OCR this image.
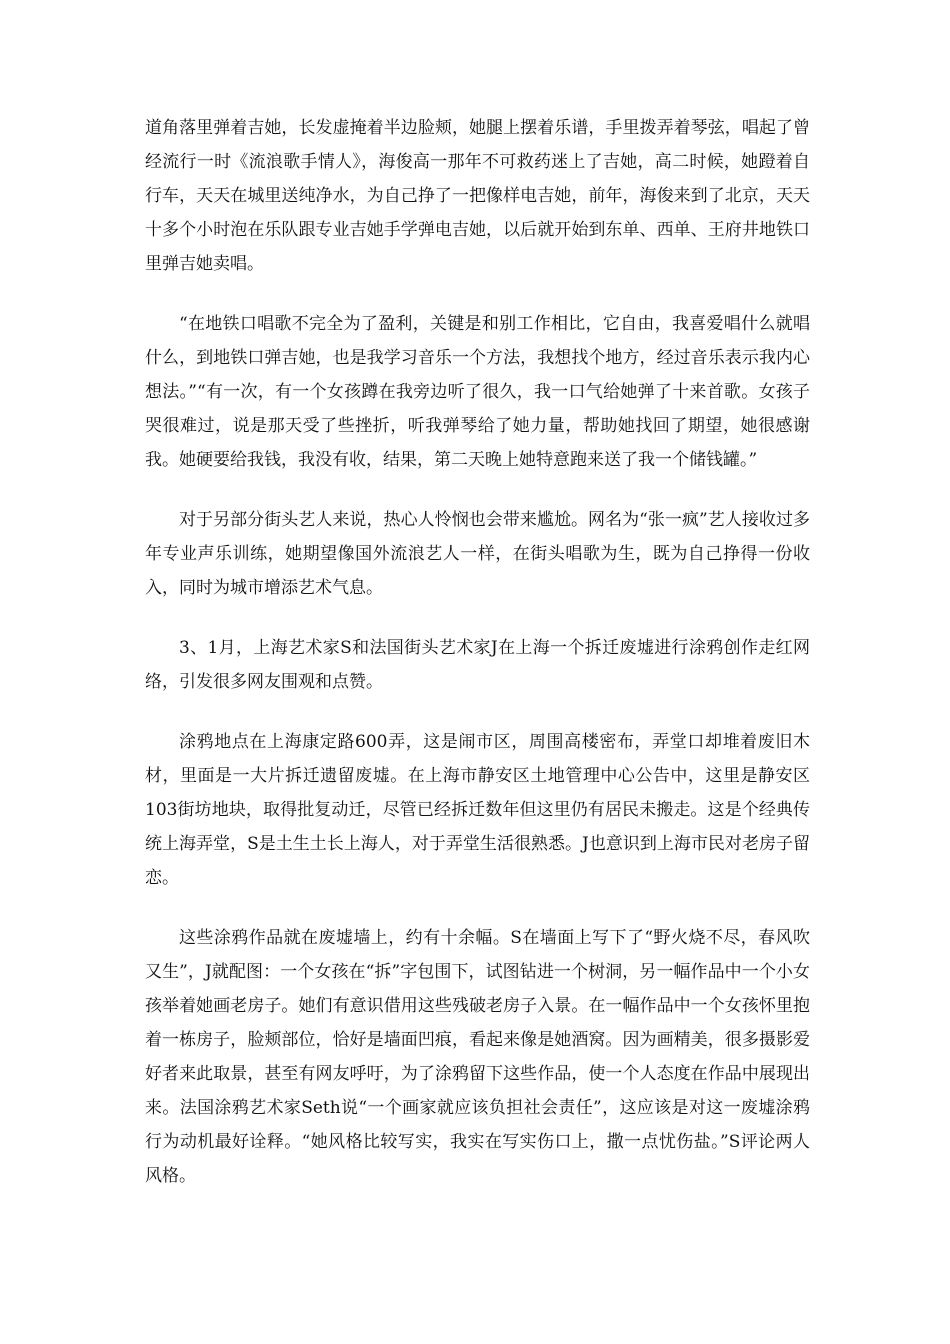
道角落里弹着吉她，长发虚掩着半边脸颊，她腿上摆着乐谱，手里拨弄着琴弦，唱起了曾经流行一时《流浪歌手情人》，海俊高一那年不可救药迷上了吉她，高二时候，她蹬着自行车，天天在城里送纯净水，为自己挣了一把像样电吉她，前年，海俊来到了北京，天天十多个小时泡在乐队跟专业吉她手学弹电吉她，以后就开始到东单、西单、王府井地铁口里弹吉她卖唱。

“在地铁口唱歌不完全为了盈利，关键是和别工作相比，它自由，我喜爱唱什么就唱什么，到地铁口弹吉她，也是我学习音乐一个方法，我想找个地方，经过音乐表示我内心想法。”“有一次，有一个女孩蹲在我旁边听了很久，我一口气给她弹了十来首歌。女孩子哭很难过，说是那天受了些挫折，听我弹琴给了她力量，帮助她找回了期望，她很感谢我。她硬要给我钱，我没有收，结果，第二天晚上她特意跑来送了我一个储钱罐。”

对于另部分街头艺人来说，热心人怜悯也会带来尴尬。网名为“张一疯”艺人接收过多年专业声乐训练，她期望像国外流浪艺人一样，在街头唱歌为生，既为自己挣得一份收入，同时为城市增添艺术气息。

3、1月，上海艺术家S和法国街头艺术家J在上海一个拆迁废墟进行涂鸦创作走红网络，引发很多网友围观和点赞。

涂鸦地点在上海康定路600弄，这是闹市区，周围高楼密布，弄堂口却堆着废旧木材，里面是一大片拆迁遗留废墟。在上海市静安区土地管理中心公告中，这里是静安区103街坊地块，取得批复动迁，尽管已经拆迁数年但这里仍有居民未搬走。这是个经典传统上海弄堂，S是土生土长上海人，对于弄堂生活很熟悉。J也意识到上海市民对老房子留恋。

这些涂鸦作品就在废墟墙上，约有十余幅。S在墙面上写下了“野火烧不尽，春风吹又生”，J就配图：一个女孩在“拆”字包围下，试图钻进一个树洞，另一幅作品中一个小女孩举着她画老房子。她们有意识借用这些残破老房子入景。在一幅作品中一个女孩怀里抱着一栋房子，脸颊部位，恰好是墙面凹痕，看起来像是她酒窝。因为画精美，很多摄影爱好者来此取景，甚至有网友呼吁，为了涂鸦留下这些作品，使一个人态度在作品中展现出来。法国涂鸦艺术家Seth说“一个画家就应该负担社会责任”，这应该是对这一废墟涂鸦行为动机最好诠释。“她风格比较写实，我实在写实伤口上，撒一点忧伤盐。”S评论两人风格。
